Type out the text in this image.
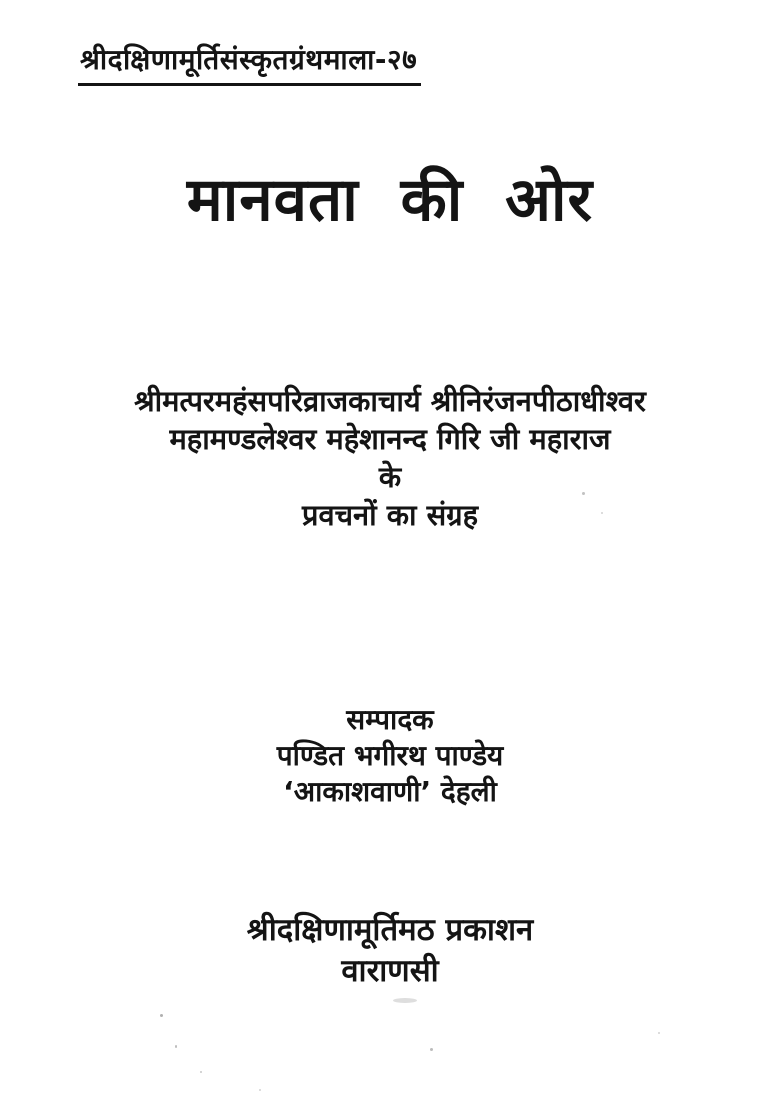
श्रीदक्षिणामूर्तिसंस्कृतग्रंथमाला-२७
मानवता की ओर
श्रीमत्परमहंसपरिव्राजकाचार्य श्रीनिरंजनपीठाधीश्वर
महामण्डलेश्वर महेशानन्द गिरि जी महाराज
के
प्रवचनों का संग्रह
सम्पादक
पण्डित भगीरथ पाण्डेय
‘आकाशवाणी’ देहली
श्रीदक्षिणामूर्तिमठ प्रकाशन
वाराणसी
